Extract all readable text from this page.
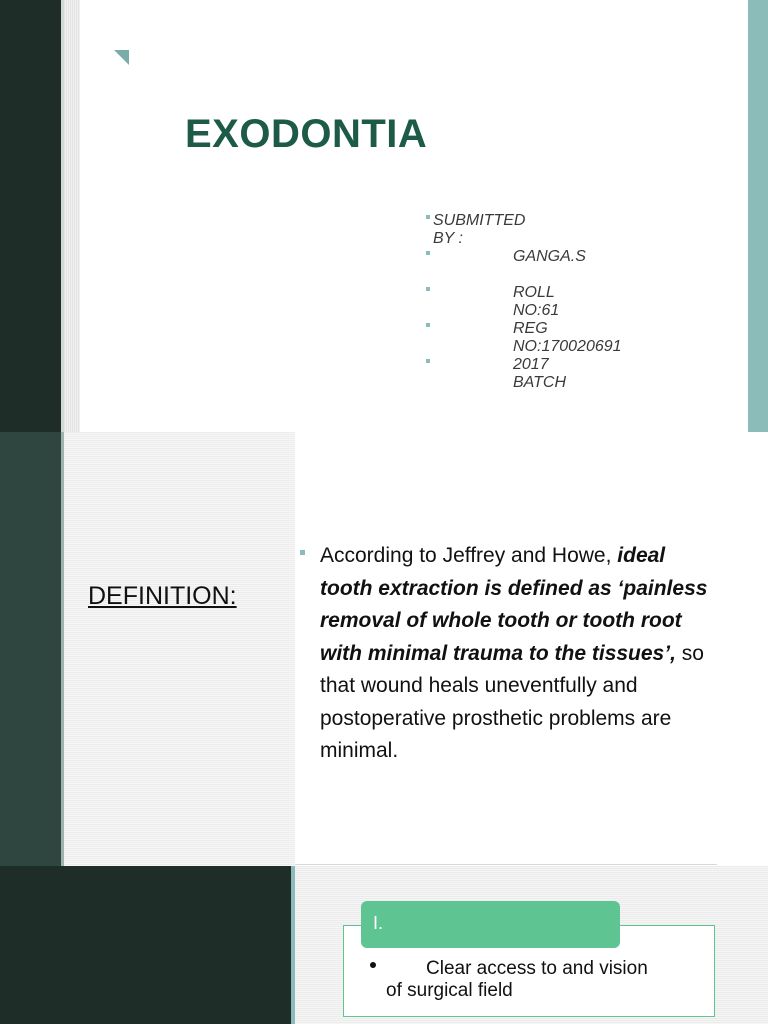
EXODONTIA
SUBMITTED BY :
GANGA.S
ROLL NO:61
REG NO:170020691
2017 BATCH
DEFINITION:

According to Jeffrey and Howe, ideal tooth extraction is defined as ‘painless removal of whole tooth or tooth root with minimal trauma to the tissues’, so that wound heals uneventfully and postoperative prosthetic problems are minimal.

I.
Clear access to and vision
of surgical field
